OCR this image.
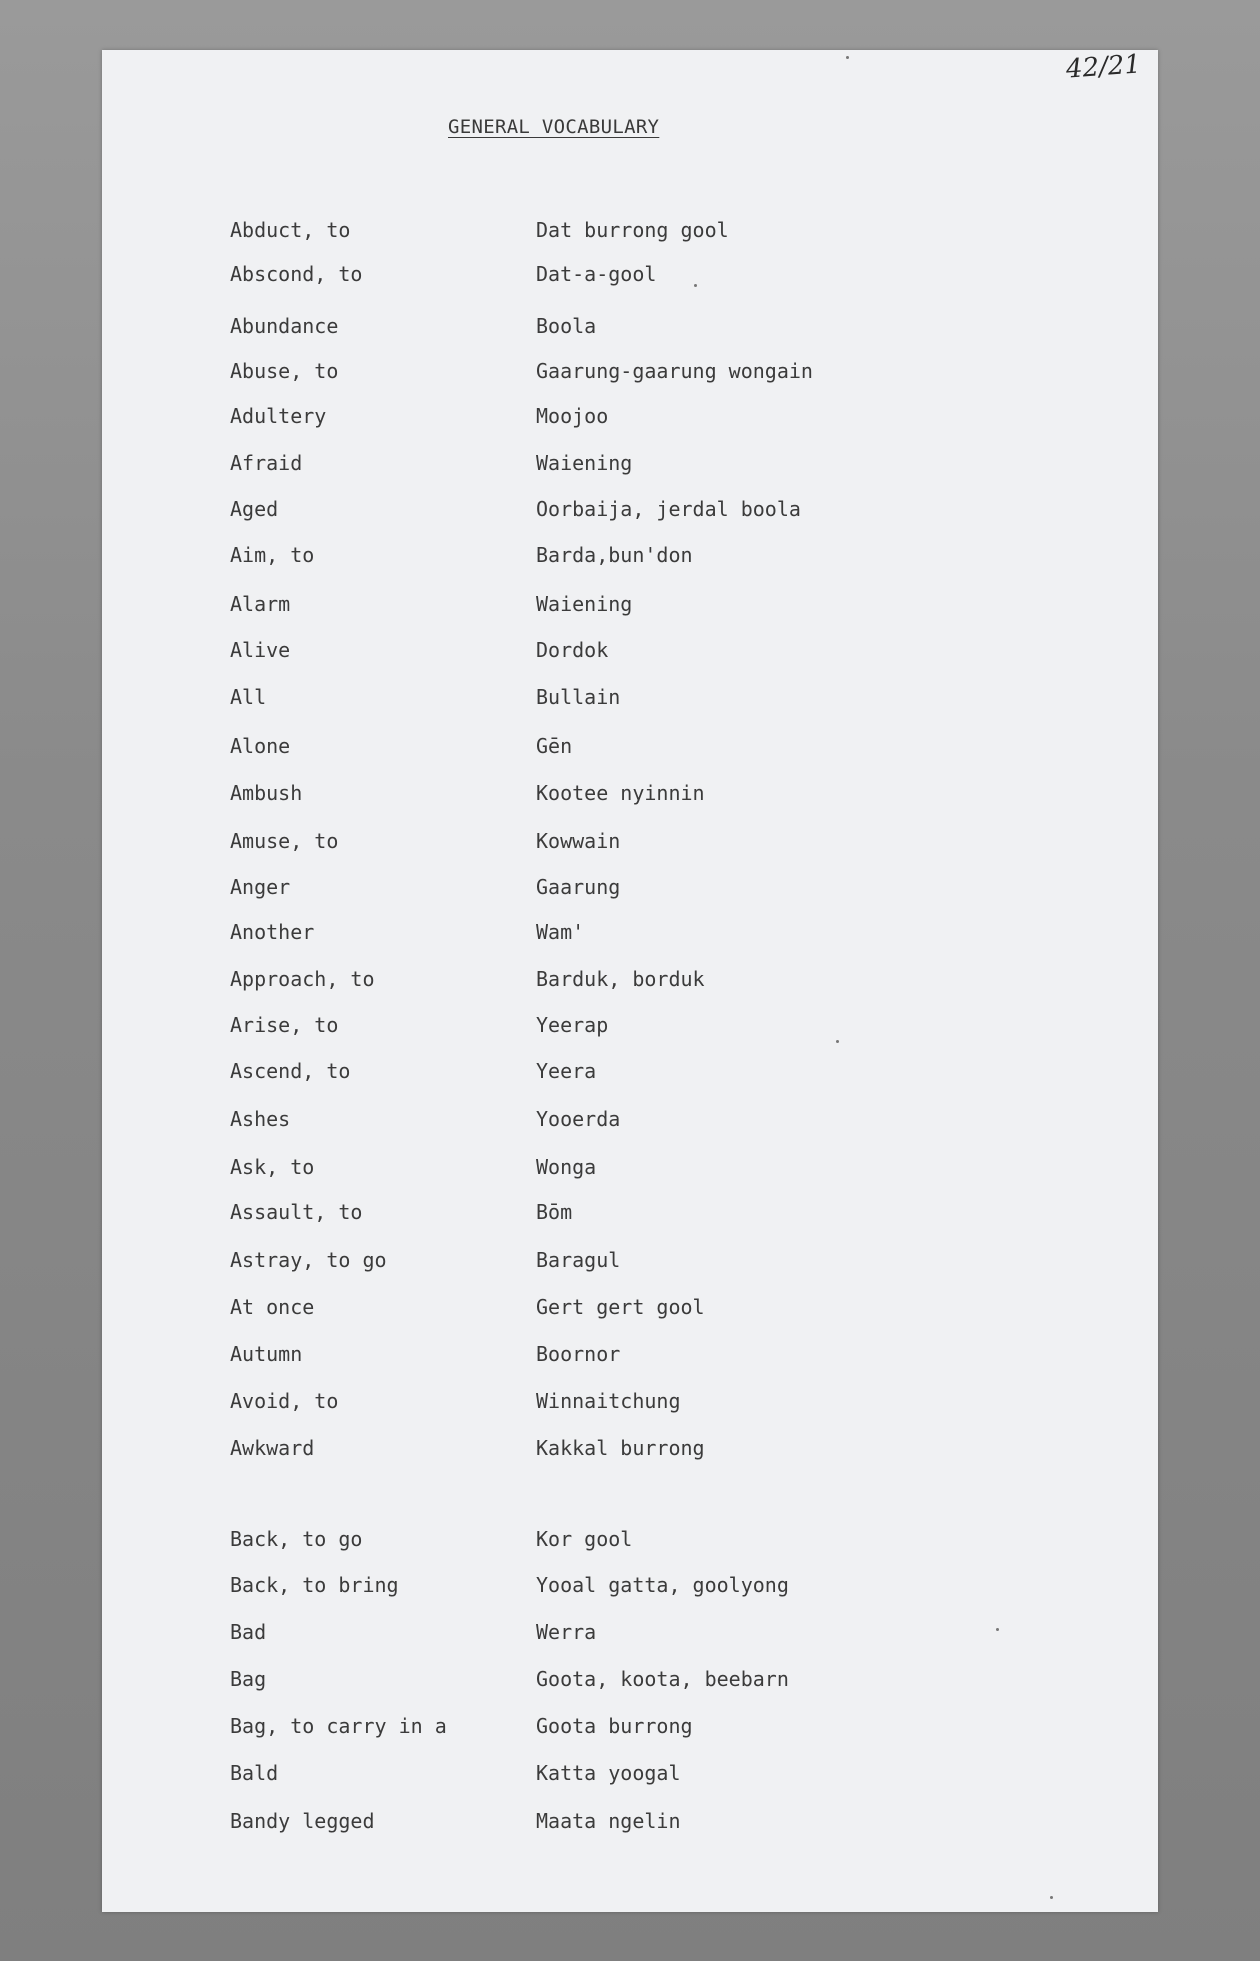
42/21
GENERAL VOCABULARY
Abduct, to	Dat burrong gool
Abscond, to	Dat-a-gool
Abundance	Boola
Abuse, to	Gaarung-gaarung wongain
Adultery	Moojoo
Afraid	Waiening
Aged	Oorbaija, jerdal boola
Aim, to	Barda,bun'don
Alarm	Waiening
Alive	Dordok
All	Bullain
Alone	Gēn
Ambush	Kootee nyinnin
Amuse, to	Kowwain
Anger	Gaarung
Another	Wam'
Approach, to	Barduk, borduk
Arise, to	Yeerap
Ascend, to	Yeera
Ashes	Yooerda
Ask, to	Wonga
Assault, to	Bōm
Astray, to go	Baragul
At once	Gert gert gool
Autumn	Boornor
Avoid, to	Winnaitchung
Awkward	Kakkal burrong
Back, to go	Kor gool
Back, to bring	Yooal gatta, goolyong
Bad	Werra
Bag	Goota, koota, beebarn
Bag, to carry in a	Goota burrong
Bald	Katta yoogal
Bandy legged	Maata ngelin
